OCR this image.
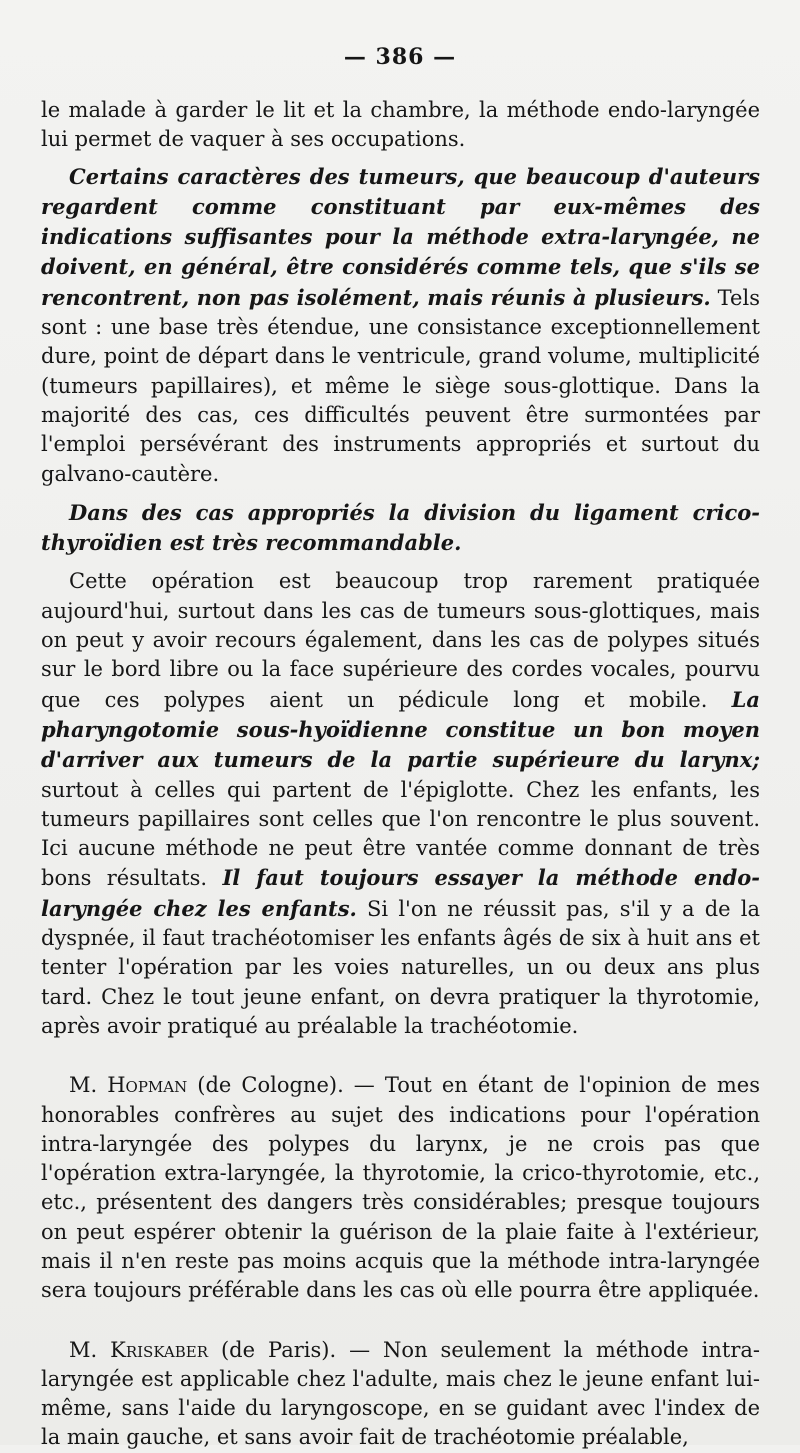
— 386 —

le malade à garder le lit et la chambre, la méthode endo-laryngée lui permet de vaquer à ses occupations.

Certains caractères des tumeurs, que beaucoup d'auteurs regardent comme constituant par eux-mêmes des indications suffisantes pour la méthode extra-laryngée, ne doivent, en général, être considérés comme tels, que s'ils se rencontrent, non pas isolément, mais réunis à plusieurs. Tels sont : une base très étendue, une consistance exceptionnellement dure, point de départ dans le ventricule, grand volume, multiplicité (tumeurs papillaires), et même le siège sous-glottique. Dans la majorité des cas, ces difficultés peuvent être surmontées par l'emploi persévérant des instruments appropriés et surtout du galvano-cautère.

Dans des cas appropriés la division du ligament crico-thyroïdien est très recommandable.

Cette opération est beaucoup trop rarement pratiquée aujourd'hui, surtout dans les cas de tumeurs sous-glottiques, mais on peut y avoir recours également, dans les cas de polypes situés sur le bord libre ou la face supérieure des cordes vocales, pourvu que ces polypes aient un pédicule long et mobile. La pharyngotomie sous-hyoïdienne constitue un bon moyen d'arriver aux tumeurs de la partie supérieure du larynx; surtout à celles qui partent de l'épiglotte. Chez les enfants, les tumeurs papillaires sont celles que l'on rencontre le plus souvent. Ici aucune méthode ne peut être vantée comme donnant de très bons résultats. Il faut toujours essayer la méthode endo-laryngée chez les enfants. Si l'on ne réussit pas, s'il y a de la dyspnée, il faut trachéotomiser les enfants âgés de six à huit ans et tenter l'opération par les voies naturelles, un ou deux ans plus tard. Chez le tout jeune enfant, on devra pratiquer la thyrotomie, après avoir pratiqué au préalable la trachéotomie.

M. Hopman (de Cologne). — Tout en étant de l'opinion de mes honorables confrères au sujet des indications pour l'opération intra-laryngée des polypes du larynx, je ne crois pas que l'opération extra-laryngée, la thyrotomie, la crico-thyrotomie, etc., etc., présentent des dangers très considérables; presque toujours on peut espérer obtenir la guérison de la plaie faite à l'extérieur, mais il n'en reste pas moins acquis que la méthode intra-laryngée sera toujours préférable dans les cas où elle pourra être appliquée.

M. Kriskaber (de Paris). — Non seulement la méthode intra-laryngée est applicable chez l'adulte, mais chez le jeune enfant lui-même, sans l'aide du laryngoscope, en se guidant avec l'index de la main gauche, et sans avoir fait de trachéotomie préalable,
